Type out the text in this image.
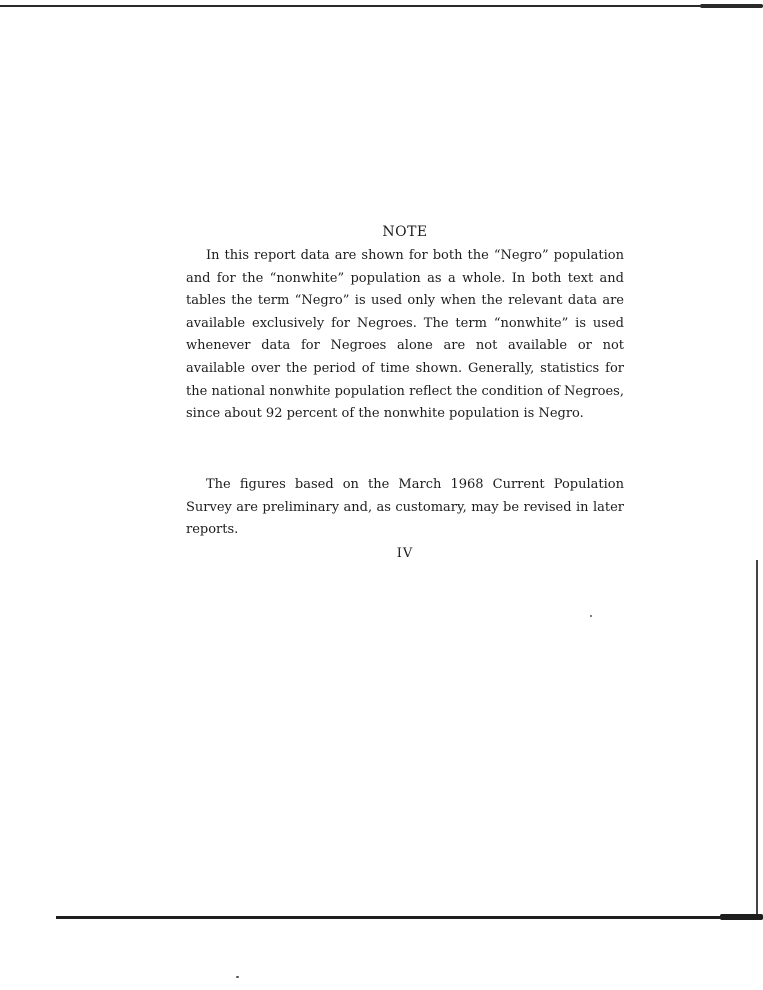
NOTE

In this report data are shown for both the “Negro” population and for the “nonwhite” population as a whole. In both text and tables the term “Negro” is used only when the relevant data are available exclusively for Negroes. The term “nonwhite” is used whenever data for Negroes alone are not available or not available over the period of time shown. Generally, statistics for the national nonwhite population reflect the condition of Negroes, since about 92 percent of the nonwhite population is Negro.

The figures based on the March 1968 Current Population Survey are preliminary and, as customary, may be revised in later reports.

IV
